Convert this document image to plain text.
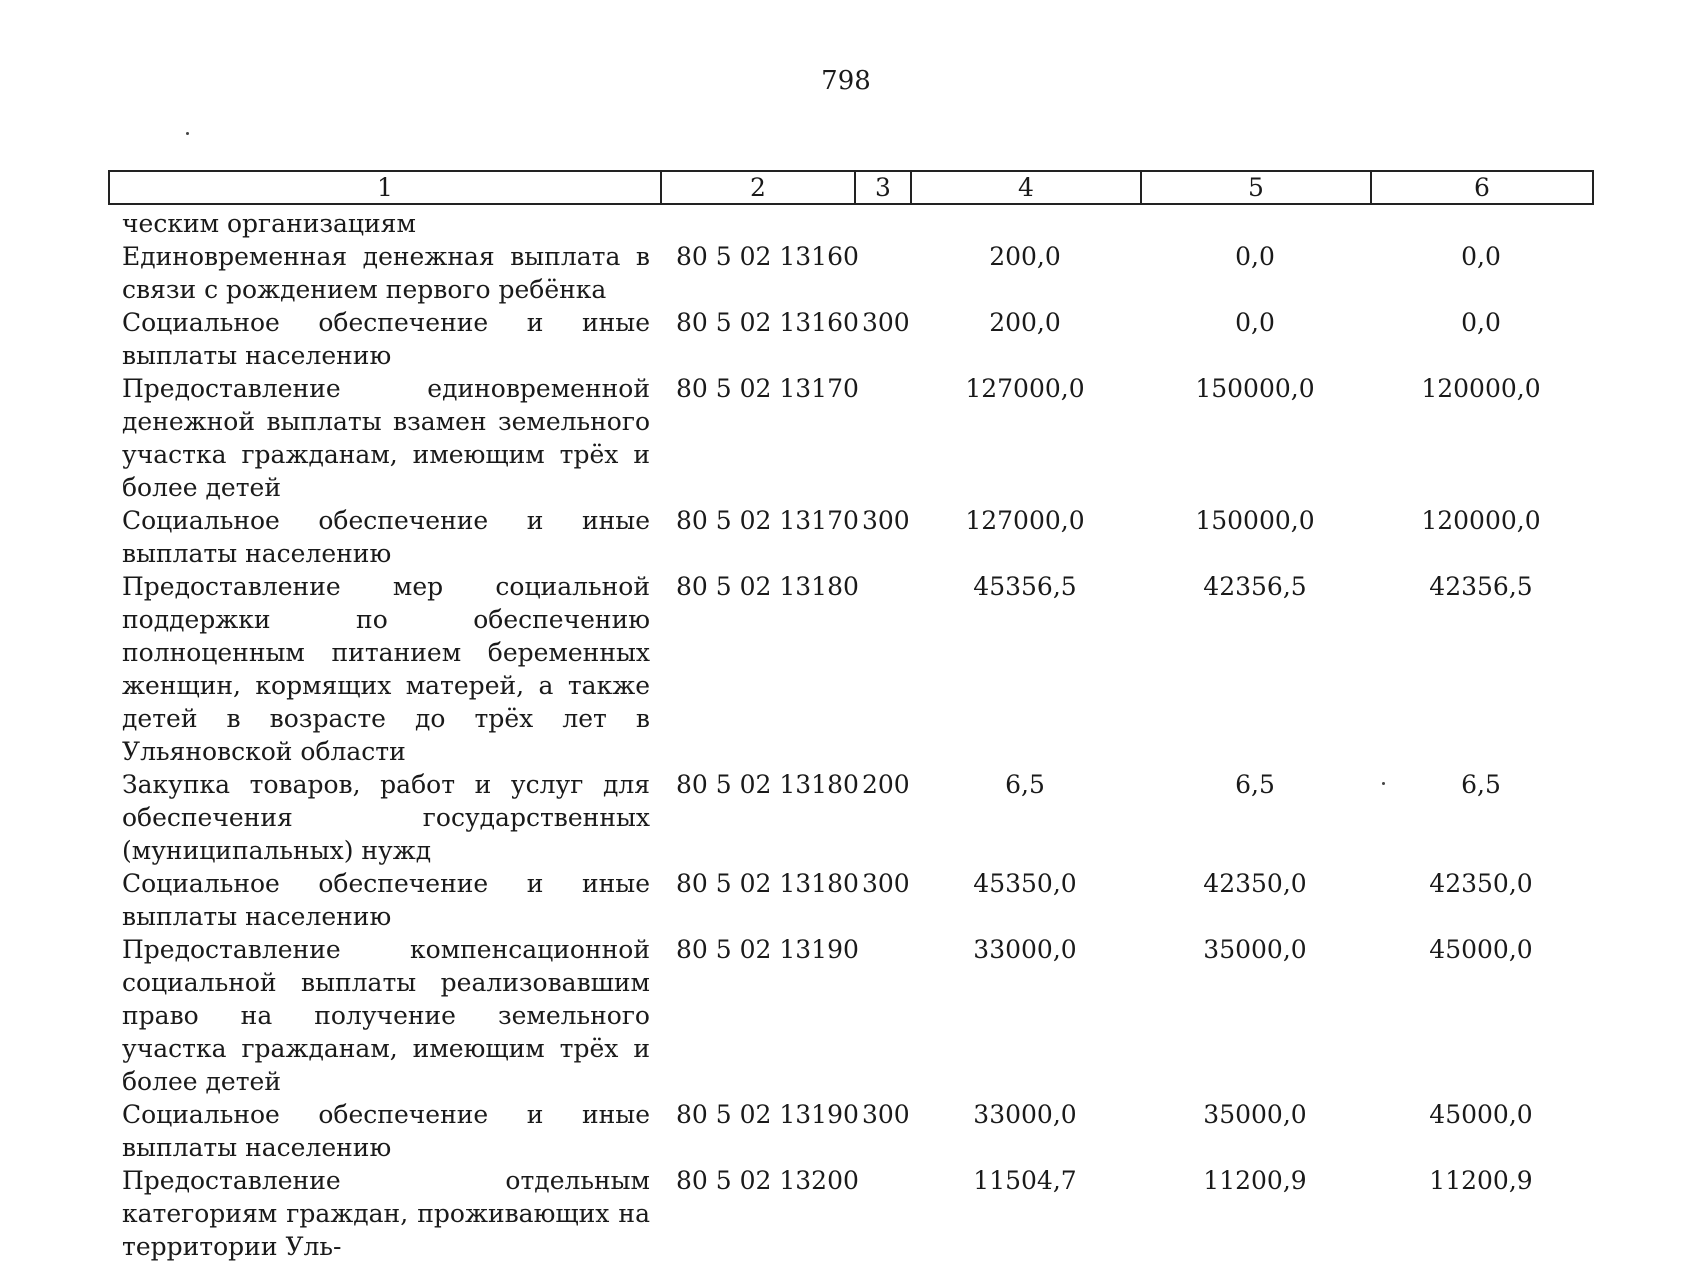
798
1	2	3	4	5	6
ческим организациям					
Единовременная денежная выплата в связи с рождением первого ребёнка	80 5 02 13160		200,0	0,0	0,0
Социальное обеспечение и иные выплаты населению	80 5 02 13160	300	200,0	0,0	0,0
Предоставление единовременной денежной выплаты взамен земельного участка гражданам, имеющим трёх и более детей	80 5 02 13170		127000,0	150000,0	120000,0
Социальное обеспечение и иные выплаты населению	80 5 02 13170	300	127000,0	150000,0	120000,0
Предоставление мер социальной поддержки по обеспечению полноценным питанием беременных женщин, кормящих матерей, а также детей в возрасте до трёх лет в Ульяновской области	80 5 02 13180		45356,5	42356,5	42356,5
Закупка товаров, работ и услуг для обеспечения государственных (муниципальных) нужд	80 5 02 13180	200	6,5	6,5	6,5
Социальное обеспечение и иные выплаты населению	80 5 02 13180	300	45350,0	42350,0	42350,0
Предоставление компенсационной социальной выплаты реализовавшим право на получение земельного участка гражданам, имеющим трёх и более детей	80 5 02 13190		33000,0	35000,0	45000,0
Социальное обеспечение и иные выплаты населению	80 5 02 13190	300	33000,0	35000,0	45000,0
Предоставление отдельным категориям граждан, проживающих на территории Уль-	80 5 02 13200		11504,7	11200,9	11200,9
